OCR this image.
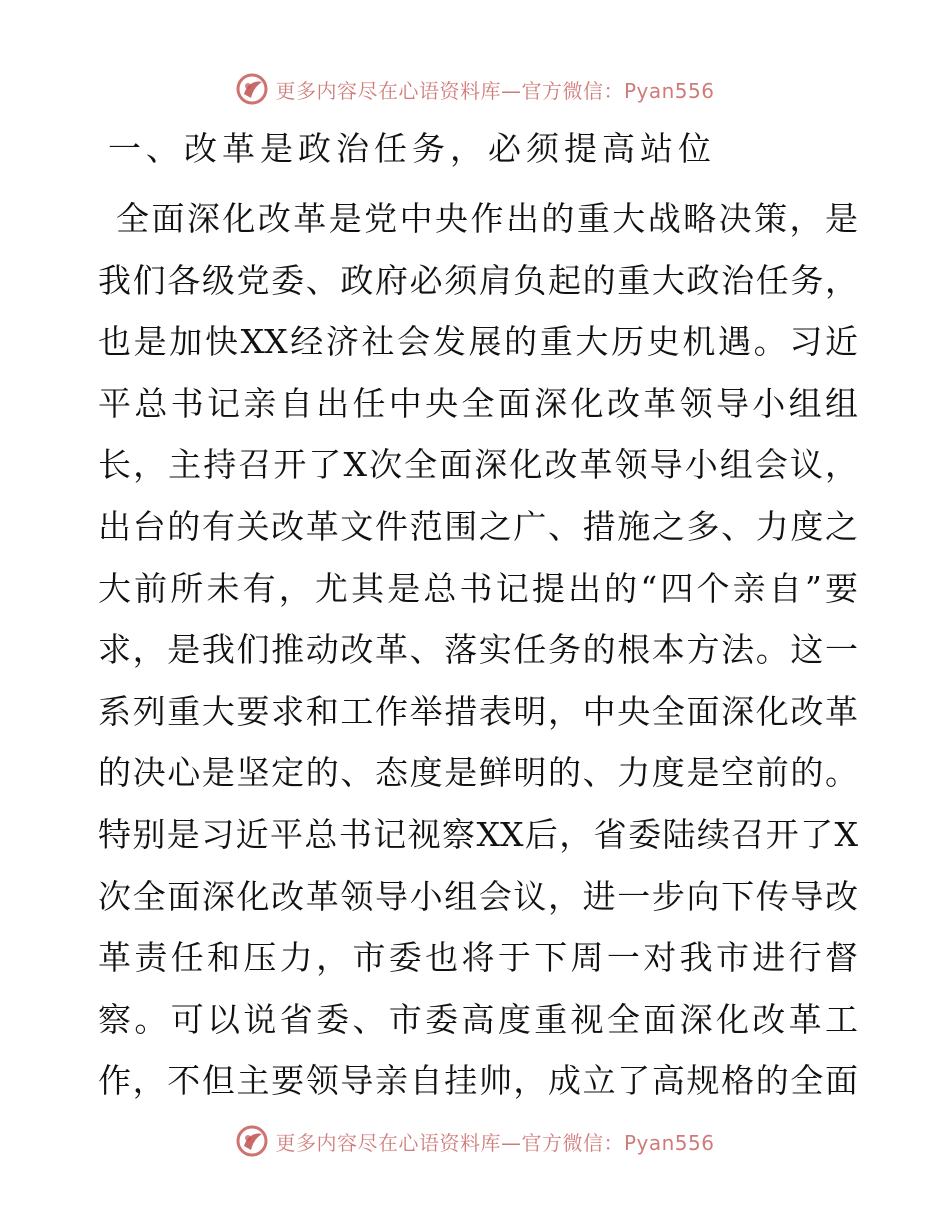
更多内容尽在心语资料库—官方微信：Pyan556
一、改革是政治任务，必须提高站位
全面深化改革是党中央作出的重大战略决策，是
我们各级党委、政府必须肩负起的重大政治任务，
也是加快XX经济社会发展的重大历史机遇。习近
平总书记亲自出任中央全面深化改革领导小组组
长，主持召开了X次全面深化改革领导小组会议，
出台的有关改革文件范围之广、措施之多、力度之
大前所未有，尤其是总书记提出的“四个亲自”要
求，是我们推动改革、落实任务的根本方法。这一
系列重大要求和工作举措表明，中央全面深化改革
的决心是坚定的、态度是鲜明的、力度是空前的。
特别是习近平总书记视察XX后，省委陆续召开了X
次全面深化改革领导小组会议，进一步向下传导改
革责任和压力，市委也将于下周一对我市进行督
察。可以说省委、市委高度重视全面深化改革工
作，不但主要领导亲自挂帅，成立了高规格的全面
更多内容尽在心语资料库—官方微信：Pyan556
